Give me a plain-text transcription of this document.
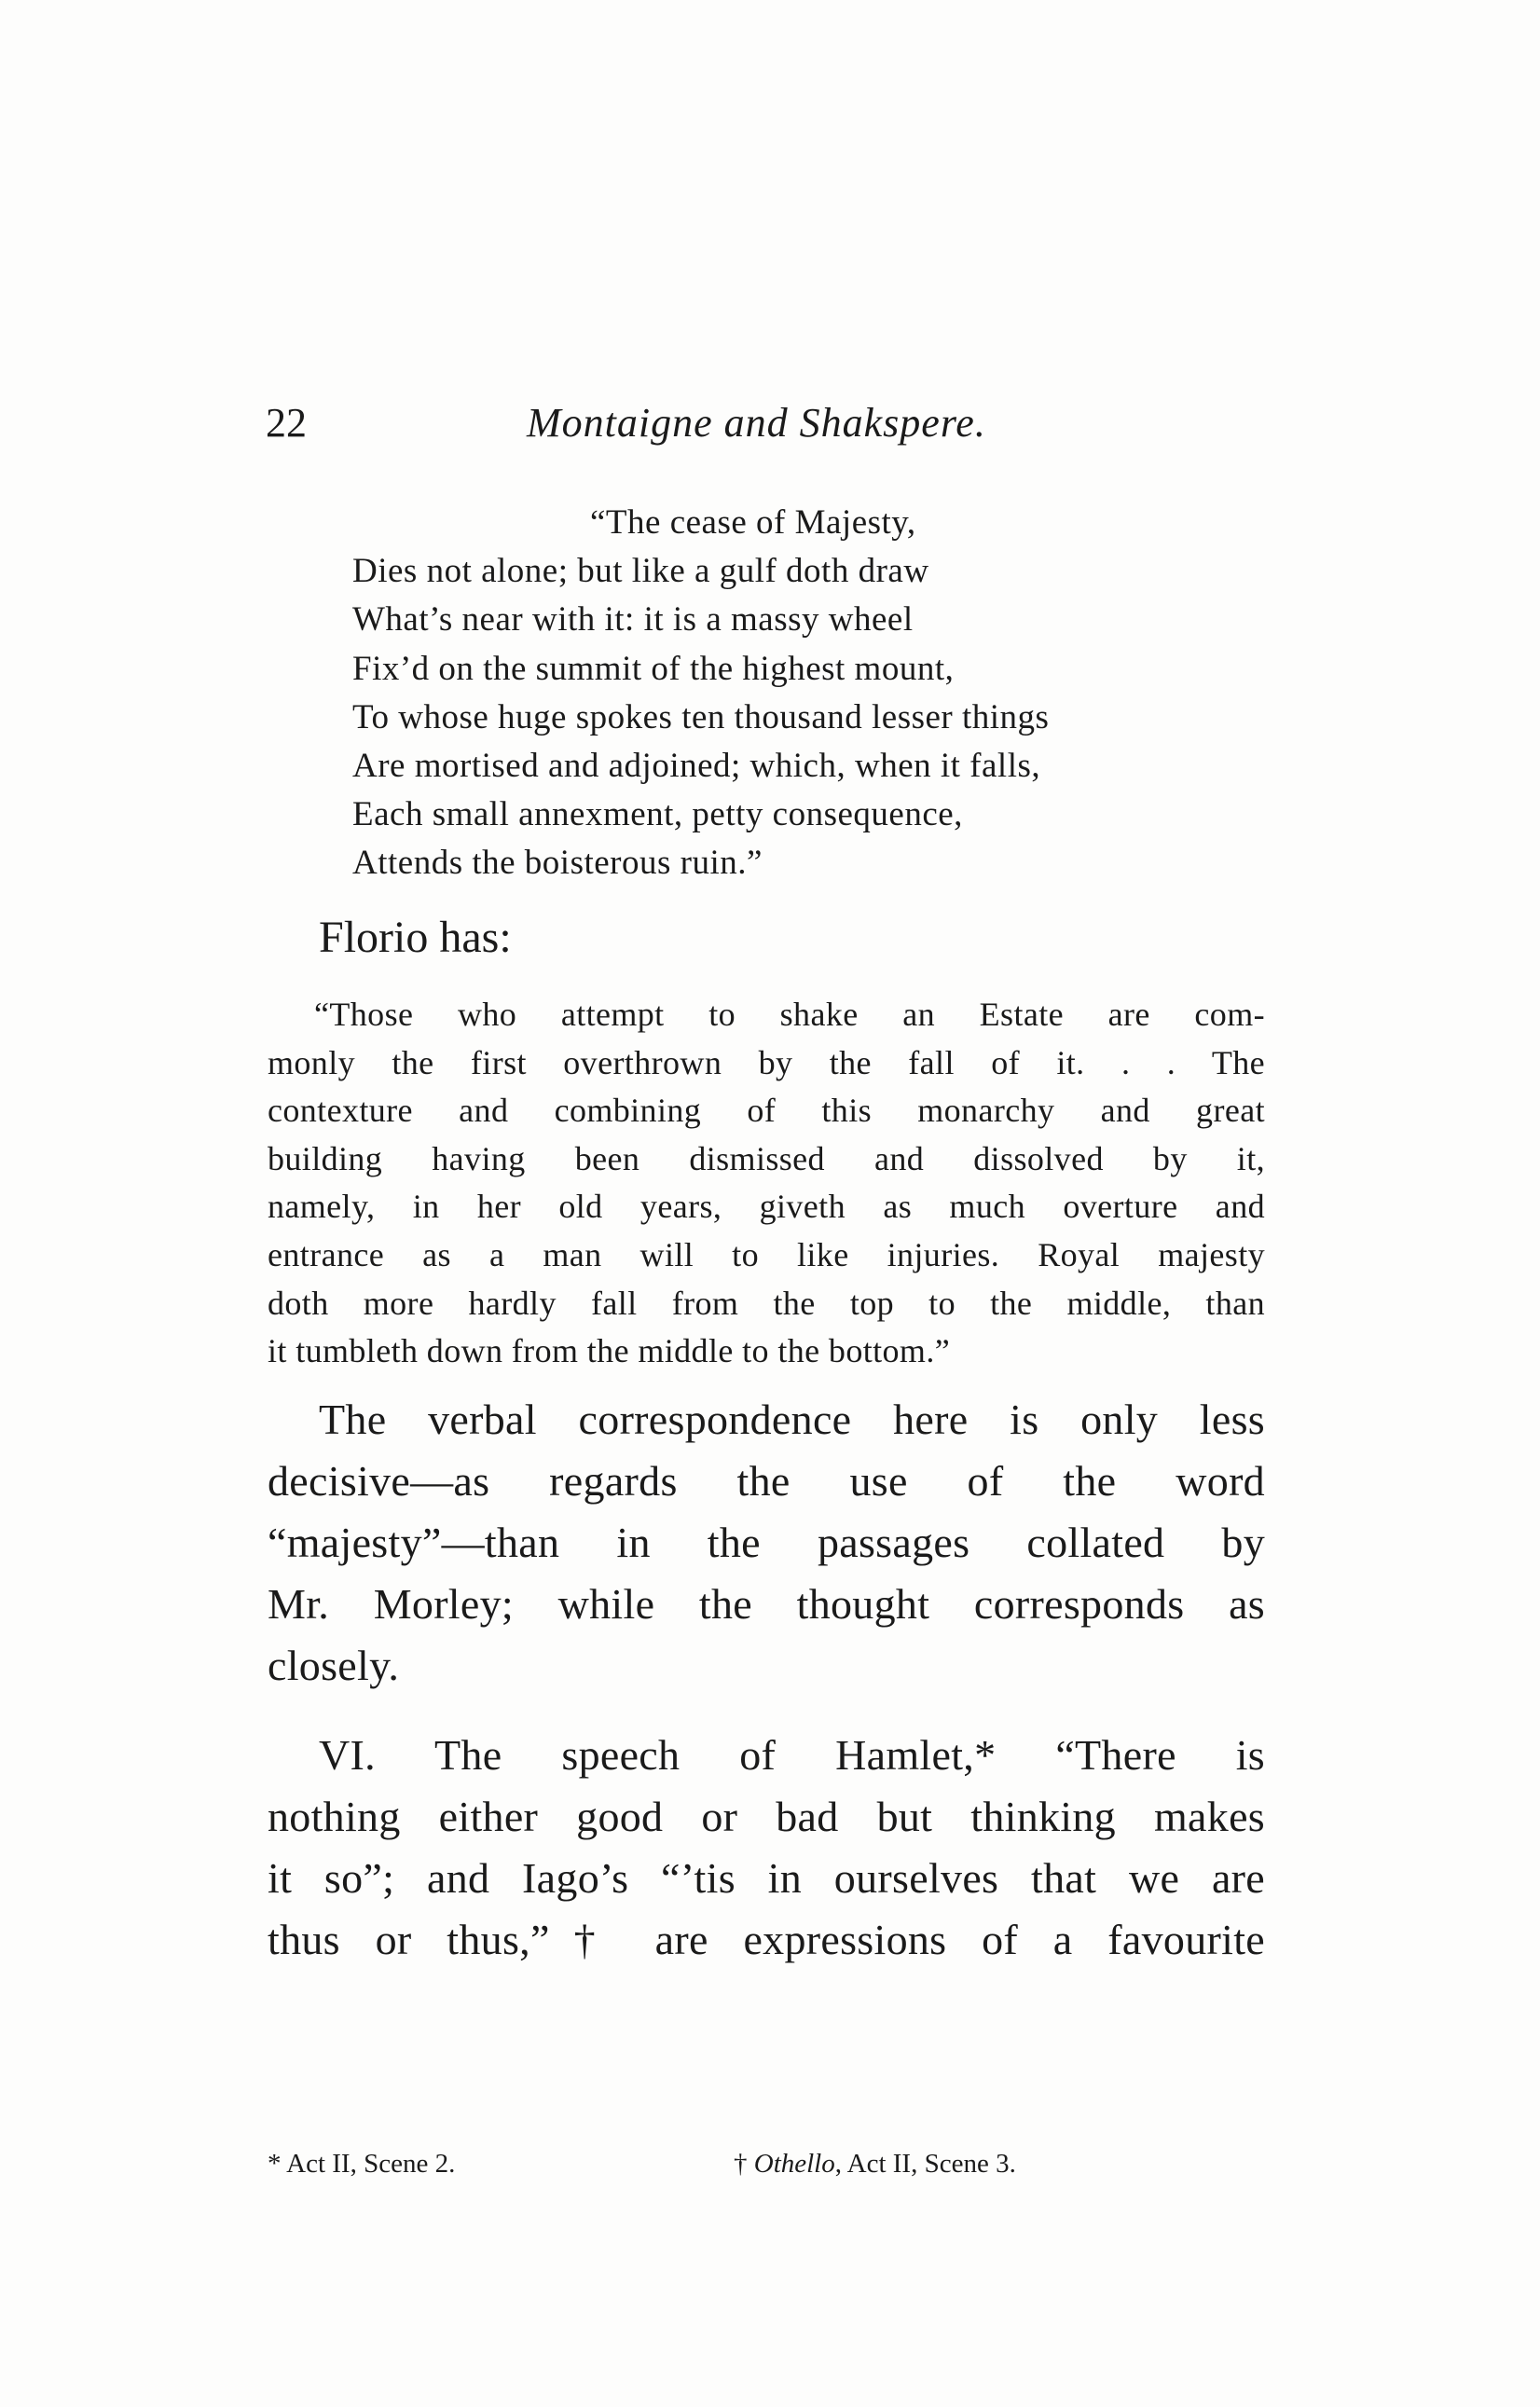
22	Montaigne and Shakspere.
“The cease of Majesty,
Dies not alone; but like a gulf doth draw
What’s near with it: it is a massy wheel
Fix’d on the summit of the highest mount,
To whose huge spokes ten thousand lesser things
Are mortised and adjoined; which, when it falls,
Each small annexment, petty consequence,
Attends the boisterous ruin.”
Florio has:
“Those who attempt to shake an Estate are com-
monly the first overthrown by the fall of it. . . The
contexture and combining of this monarchy and great
building having been dismissed and dissolved by it,
namely, in her old years, giveth as much overture and
entrance as a man will to like injuries. Royal majesty
doth more hardly fall from the top to the middle, than
it tumbleth down from the middle to the bottom.”
The verbal correspondence here is only less
decisive—as regards the use of the word
“majesty”—than in the passages collated by
Mr. Morley; while the thought corresponds as
closely.
VI. The speech of Hamlet,* “There is
nothing either good or bad but thinking makes
it so”; and Iago’s “’tis in ourselves that we are
thus or thus,”† are expressions of a favourite
* Act II, Scene 2.	† Othello, Act II, Scene 3.
